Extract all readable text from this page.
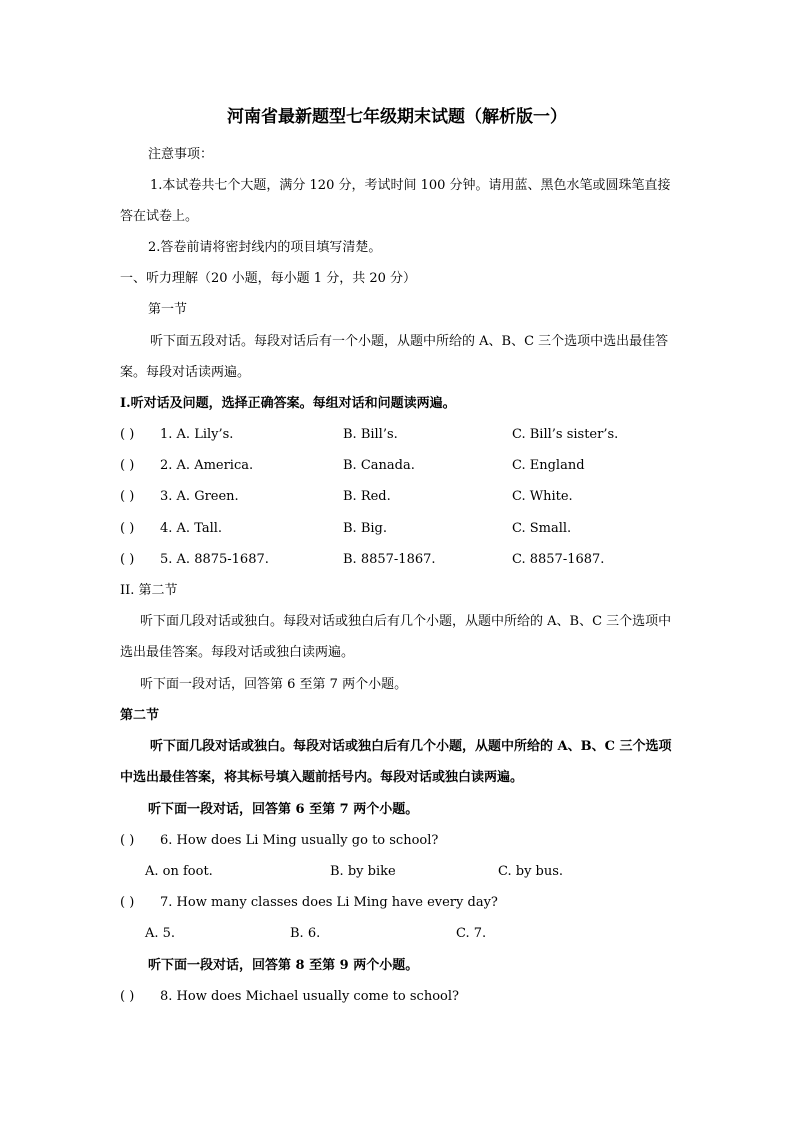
河南省最新题型七年级期末试题（解析版一）
注意事项：
1.本试卷共七个大题，满分 120 分，考试时间 100 分钟。请用蓝、黑色水笔或圆珠笔直接答在试卷上。
2.答卷前请将密封线内的项目填写清楚。
一、听力理解（20 小题，每小题 1 分，共 20 分）
第一节
听下面五段对话。每段对话后有一个小题，从题中所给的 A、B、C 三个选项中选出最佳答案。每段对话读两遍。
I.听对话及问题，选择正确答案。每组对话和问题读两遍。
( ) 1. A. Lily’s.	B. Bill’s.	C. Bill’s sister’s.
( ) 2. A. America.	B. Canada.	C. England
( ) 3. A. Green.	B. Red.	C. White.
( ) 4. A. Tall.	B. Big.	C. Small.
( ) 5. A. 8875-1687.	B. 8857-1867.	C. 8857-1687.
II. 第二节
听下面几段对话或独白。每段对话或独白后有几个小题，从题中所给的 A、B、C 三个选项中选出最佳答案。每段对话或独白读两遍。
听下面一段对话，回答第 6 至第 7 两个小题。
第二节
听下面几段对话或独白。每段对话或独白后有几个小题，从题中所给的 A、B、C 三个选项中选出最佳答案，将其标号填入题前括号内。每段对话或独白读两遍。
听下面一段对话，回答第 6 至第 7 两个小题。
( ) 6. How does Li Ming usually go to school?
A. on foot.	B. by bike	C. by bus.
( ) 7. How many classes does Li Ming have every day?
A. 5.	B. 6.	C. 7.
听下面一段对话，回答第 8 至第 9 两个小题。
( ) 8. How does Michael usually come to school?
